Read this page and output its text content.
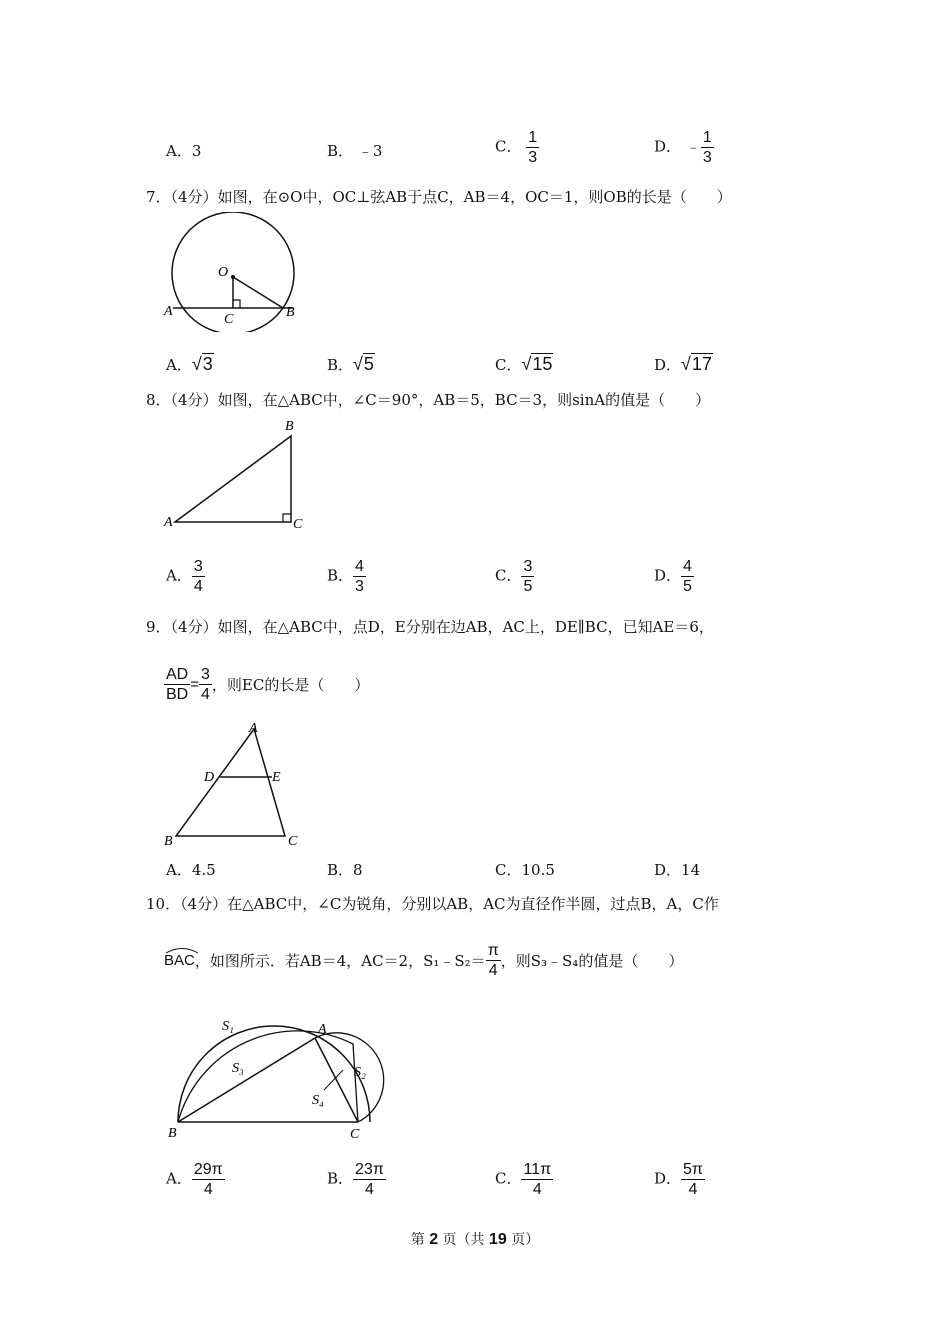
A．3	B． ﹣3	C． $\frac{1}{3}$	D． ﹣ $\frac{1}{3}$
7．（4分）如图，在⊙O中，OC⊥弦AB于点C，AB＝4，OC＝1，则OB的长是（　　）
O
A	B
C
A．√3	B．√5	C．√15	D．√17
8．（4分）如图，在△ABC中，∠C＝90°，AB＝5，BC＝3，则sinA的值是（　　）
A
B
C
A． $\frac{3}{4}$	B． $\frac{4}{3}$	C． $\frac{3}{5}$	D． $\frac{4}{5}$
9．（4分）如图，在△ABC中，点D，E分别在边AB，AC上，DE∥BC，已知AE＝6，
$\frac{AD}{BD} = \frac{3}{4}$ ，则EC的长是（　　）
A
D	E
B	C
A．4.5	B．8	C．10.5	D．14
10．（4分）在△ABC中，∠C为锐角，分别以AB，AC为直径作半圆，过点B，A，C作
BAC，如图所示．若AB＝4，AC＝2，S₁﹣S₂＝ $\frac{\pi}{4}$ ，则S₃﹣S₄的值是（　　）
S₁
S₂
S₃
S₄
A
B	C
A． $\frac{29\pi}{4}$	B． $\frac{23\pi}{4}$	C． $\frac{11\pi}{4}$	D． $\frac{5\pi}{4}$
第 2 页（共 19 页）
